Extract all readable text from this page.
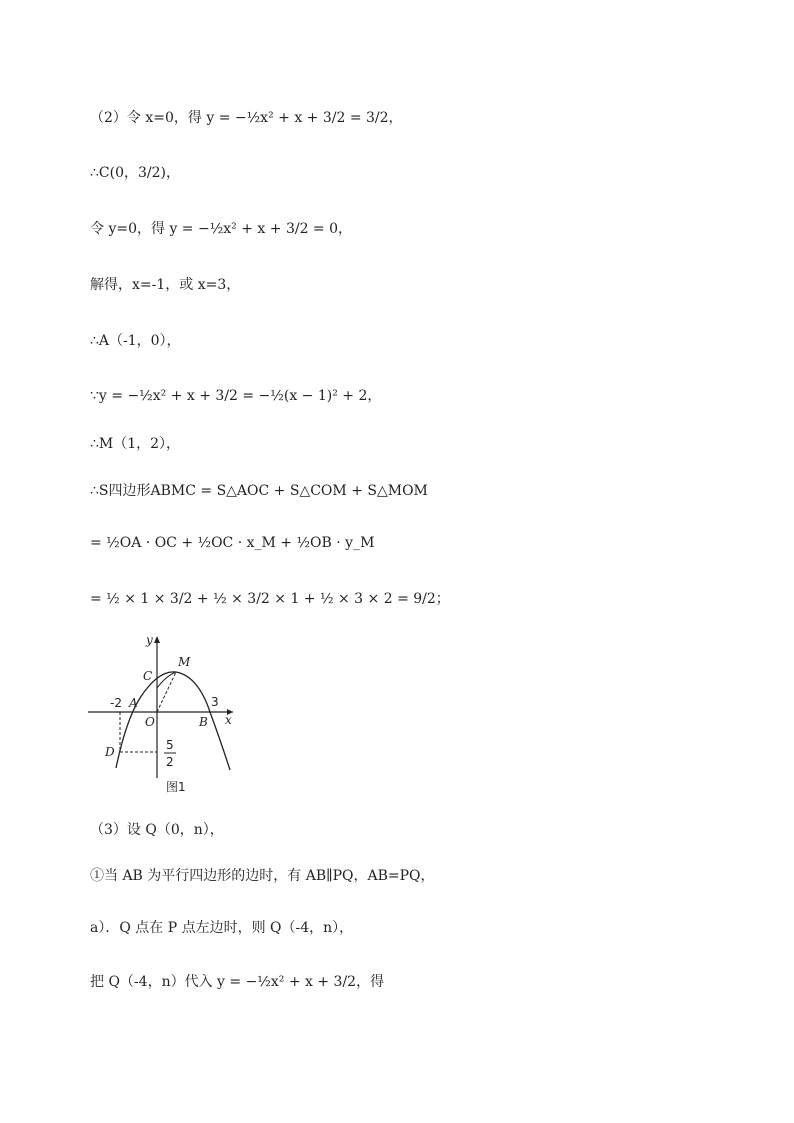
（2）令 x=0，得 y = −½x² + x + 3/2 = 3/2，
∴C(0，3/2)，
令 y=0，得 y = −½x² + x + 3/2 = 0，
解得，x=-1，或 x=3，
∴A（-1，0），
∵y = −½x² + x + 3/2 = −½(x − 1)² + 2，
∴M（1，2），
∴S四边形ABMC = S△AOC + S△COM + S△MOM
= ½OA · OC + ½OC · x_M + ½OB · y_M
= ½ × 1 × 3/2 + ½ × 3/2 × 1 + ½ × 3 × 2 = 9/2；
y
x
C
M
A
O	B
D
-2	3
5
2
图1
（3）设 Q（0，n），
①当 AB 为平行四边形的边时，有 AB∥PQ，AB=PQ，
a）．Q 点在 P 点左边时，则 Q（-4，n），
把 Q（-4，n）代入 y = −½x² + x + 3/2，得
